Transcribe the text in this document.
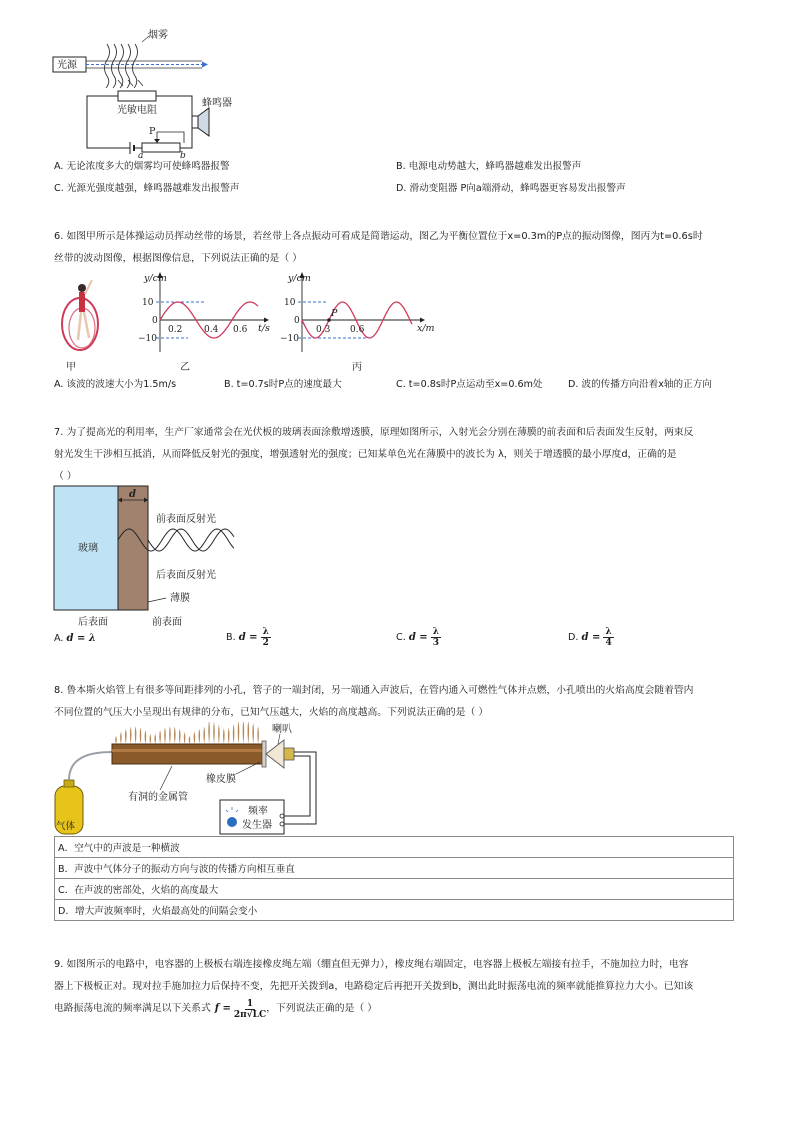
光源
烟雾
光敏电阻
蜂鸣器
P
a	b
A. 无论浓度多大的烟雾均可使蜂鸣器报警	B. 电源电动势越大，蜂鸣器越难发出报警声
C. 光源光强度越强，蜂鸣器越难发出报警声	D. 滑动变阻器 P向a端滑动，蜂鸣器更容易发出报警声
6. 如图甲所示是体操运动员挥动丝带的场景，若丝带上各点振动可看成是简谐运动，图乙为平衡位置位于x=0.3m的P点的振动图像，图丙为t=0.6s时
丝带的波动图像，根据图像信息，下列说法正确的是（ ）
甲
y/cm
t/s
10
0
−10
0.2 0.4 0.6
乙
y/cm
x/m
10
0
−10
0.3 0.6
P
丙
A. 该波的波速大小为1.5m/s	B. t=0.7s时P点的速度最大	C. t=0.8s时P点运动至x=0.6m处	D. 波的传播方向沿着x轴的正方向
7. 为了提高光的利用率，生产厂家通常会在光伏板的玻璃表面涂敷增透膜，原理如图所示，入射光会分别在薄膜的前表面和后表面发生反射，两束反
射光发生干涉相互抵消，从而降低反射光的强度，增强透射光的强度；已知某单色光在薄膜中的波长为 λ，则关于增透膜的最小厚度d，正确的是
（ ）
玻璃
d
前表面反射光
后表面反射光
薄膜
后表面	前表面
A. d = λ	B. $d = \frac{\lambda}{2}$	C. $d = \frac{\lambda}{3}$	D. $d = \frac{\lambda}{4}$
8. 鲁本斯火焰管上有很多等间距排列的小孔，管子的一端封闭，另一端通入声波后，在管内通入可燃性气体并点燃，小孔喷出的火焰高度会随着管内
不同位置的气压大小呈现出有规律的分布，已知气压越大，火焰的高度越高。下列说法正确的是（ ）
气体
喇叭
橡皮膜
有洞的金属管
频率
发生器
A．空气中的声波是一种横波
B．声波中气体分子的振动方向与波的传播方向相互垂直
C．在声波的密部处，火焰的高度最大
D．增大声波频率时，火焰最高处的间隔会变小
9. 如图所示的电路中，电容器的上极板右端连接橡皮绳左端（绷直但无弹力），橡皮绳右端固定，电容器上极板左端接有拉手，不施加拉力时，电容
器上下极板正对。现对拉手施加拉力后保持不变，先把开关拨到a，电路稳定后再把开关拨到b，测出此时振荡电流的频率就能推算拉力大小。已知该
电路振荡电流的频率满足以下关系式 $f = \frac{1}{2\pi√LC}$ ，下列说法正确的是（ ）
